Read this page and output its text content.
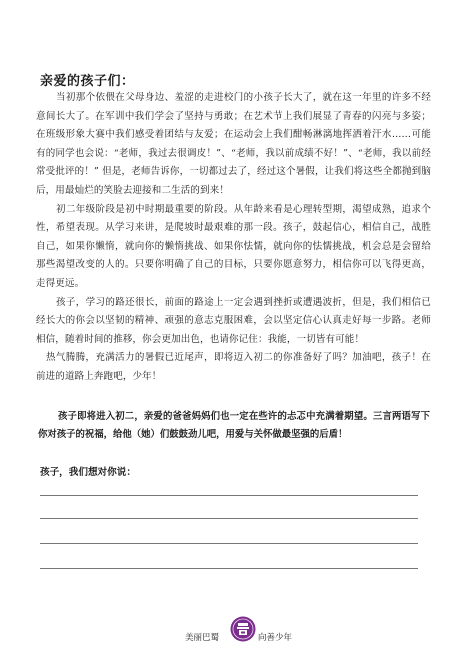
亲爱的孩子们：

当初那个依偎在父母身边、羞涩的走进校门的小孩子长大了，就在这一年里的许多不经意间长大了。在军训中我们学会了坚持与勇敢；在艺术节上我们展显了青春的闪亮与多姿；在班级形象大赛中我们感受着团结与友爱；在运动会上我们酣畅淋漓地挥洒着汗水……可能有的同学也会说：“老师，我过去很调皮！”、“老师，我以前成绩不好！”、“老师，我以前经常受批评的！” 但是，老师告诉你，一切都过去了，经过这个暑假，让我们将这些全都抛到脑后，用最灿烂的笑脸去迎接和二生活的到来！

初二年级阶段是初中时期最重要的阶段。从年龄来看是心理转型期，渴望成熟，追求个性，希望表现。从学习来讲，是爬坡时最艰难的那一段。孩子，鼓起信心，相信自己，战胜自己，如果你懒惰，就向你的懒惰挑战、如果你怯懦，就向你的怯懦挑战，机会总是会留给那些渴望改变的人的。只要你明确了自己的目标，只要你愿意努力，相信你可以飞得更高，走得更远。

孩子，学习的路还很长，前面的路途上一定会遇到挫折或遭遇波折，但是，我们相信已经长大的你会以坚韧的精神、顽强的意志克服困难，会以坚定信心认真走好每一步路。老师相信，随着时间的推移，你会更加出色，也请你记住：我能，一切皆有可能！

热气腾腾，充满活力的暑假已近尾声，即将迈入初二的你准备好了吗？加油吧，孩子！在前进的道路上奔跑吧，少年！

孩子即将进入初二，亲爱的爸爸妈妈们也一定在些许的忐忑中充满着期望。三言两语写下你对孩子的祝福，给他（她）们鼓鼓劲儿吧，用爱与关怀做最坚强的后盾！
孩子，我们想对你说：
美丽巴蜀	向善少年
